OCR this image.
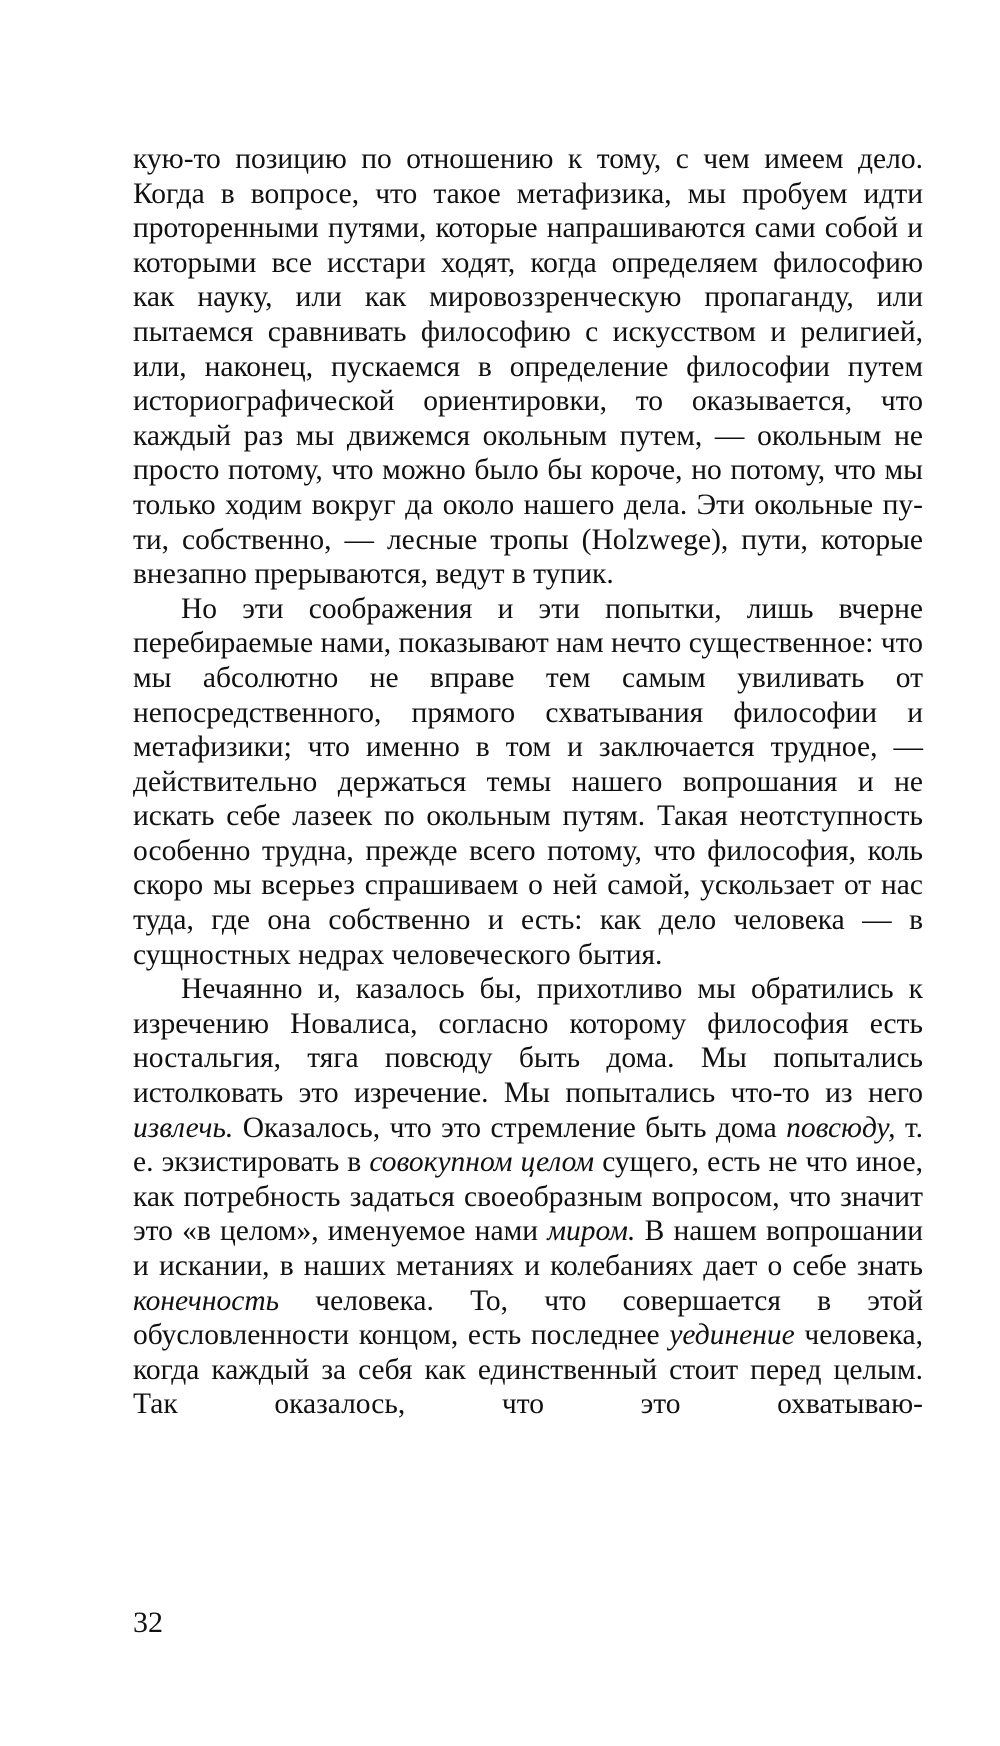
кую-то позицию по отношению к тому, с чем имеем дело. Когда в вопросе, что такое метафизика, мы пробуем идти проторенными путями, которые напрашиваются сами собой и которыми все исстари ходят, когда определяем философию как науку, или как мировоззренческую пропаганду, или пытаемся сравнивать философию с искусством и религией, или, наконец, пускаемся в определение философии путем историографической ориентировки, то оказывается, что каждый раз мы движемся окольным путем, — окольным не просто потому, что можно было бы короче, но потому, что мы только ходим вокруг да около нашего дела. Эти окольные пути, собственно, — лесные тропы (Holzwege), пути, которые внезапно прерываются, ведут в тупик.

Но эти соображения и эти попытки, лишь вчерне перебираемые нами, показывают нам нечто существенное: что мы абсолютно не вправе тем самым увиливать от непосредственного, прямого схватывания философии и метафизики; что именно в том и заключается трудное, — действительно держаться темы нашего вопрошания и не искать себе лазеек по окольным путям. Такая неотступность особенно трудна, прежде всего потому, что философия, коль скоро мы всерьез спрашиваем о ней самой, ускользает от нас туда, где она собственно и есть: как дело человека — в сущностных недрах человеческого бытия.

Нечаянно и, казалось бы, прихотливо мы обратились к изречению Новалиса, согласно которому философия есть ностальгия, тяга повсюду быть дома. Мы попытались истолковать это изречение. Мы попытались что-то из него извлечь. Оказалось, что это стремление быть дома повсюду, т. е. экзистировать в совокупном целом сущего, есть не что иное, как потребность задаться своеобразным вопросом, что значит это «в целом», именуемое нами миром. В нашем вопрошании и искании, в наших метаниях и колебаниях дает о себе знать конечность человека. То, что совершается в этой обусловленности концом, есть последнее уединение человека, когда каждый за себя как единственный стоит перед целым. Так оказалось, что это охватываю-

32
